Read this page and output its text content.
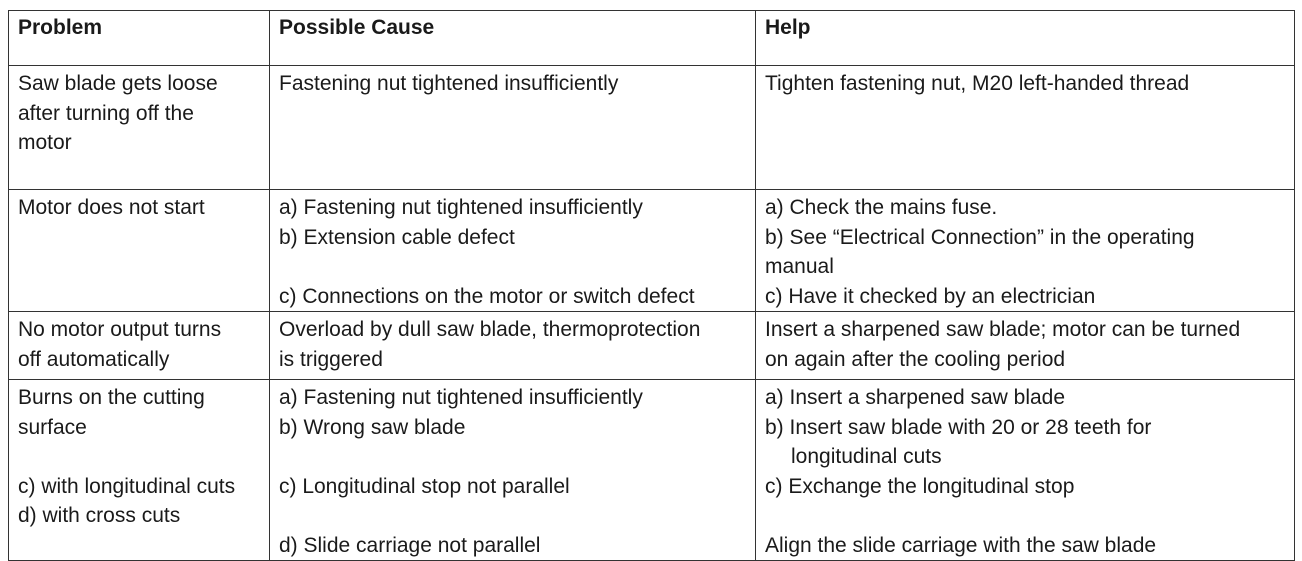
Problem	Possible Cause	Help

Saw blade gets loose
after turning off the
motor	Fastening nut tightened insufficiently	Tighten fastening nut, M20 left-handed thread

Motor does not start	a) Fastening nut tightened insufficiently
b) Extension cable defect
c) Connections on the motor or switch defect	a) Check the mains fuse.
b) See “Electrical Connection” in the operating
manual
c) Have it checked by an electrician

No motor output turns
off automatically	Overload by dull saw blade, thermoprotection
is triggered	Insert a sharpened saw blade; motor can be turned
on again after the cooling period

Burns on the cutting
surface
c) with longitudinal cuts
d) with cross cuts	a) Fastening nut tightened insufficiently
b) Wrong saw blade
c) Longitudinal stop not parallel
d) Slide carriage not parallel	a) Insert a sharpened saw blade
b) Insert saw blade with 20 or 28 teeth for
longitudinal cuts
c) Exchange the longitudinal stop
Align the slide carriage with the saw blade
